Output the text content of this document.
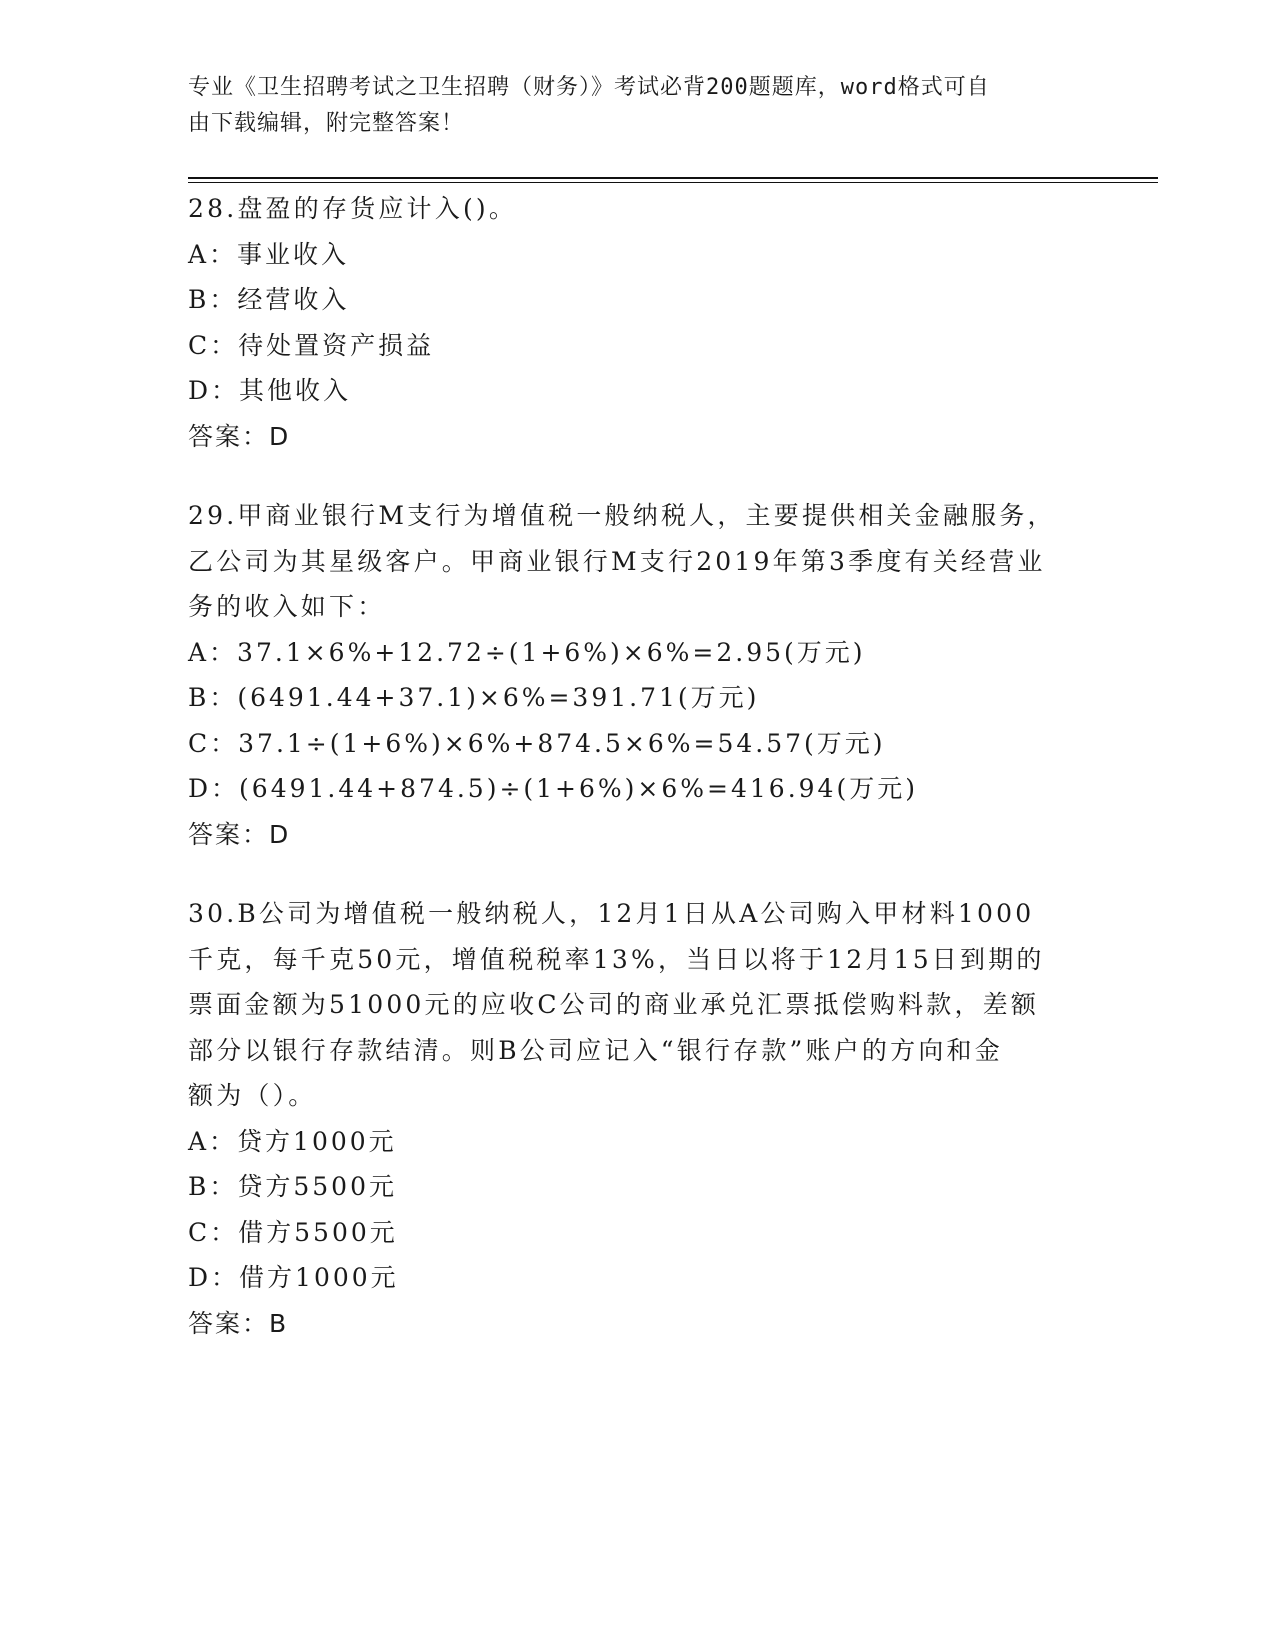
专业《卫生招聘考试之卫生招聘（财务）》考试必背200题题库，word格式可自
由下载编辑，附完整答案！
28.盘盈的存货应计入()。
A：事业收入
B：经营收入
C：待处置资产损益
D：其他收入
答案：D
29.甲商业银行M支行为增值税一般纳税人，主要提供相关金融服务，
乙公司为其星级客户。甲商业银行M支行2019年第3季度有关经营业
务的收入如下：
A：37.1×6%+12.72÷(1+6%)×6%=2.95(万元)
B：(6491.44+37.1)×6%=391.71(万元)
C：37.1÷(1+6%)×6%+874.5×6%=54.57(万元)
D：(6491.44+874.5)÷(1+6%)×6%=416.94(万元)
答案：D
30.B公司为增值税一般纳税人，12月1日从A公司购入甲材料1000
千克，每千克50元，增值税税率13%，当日以将于12月15日到期的
票面金额为51000元的应收C公司的商业承兑汇票抵偿购料款，差额
部分以银行存款结清。则B公司应记入“银行存款”账户的方向和金
额为（）。
A：贷方1000元
B：贷方5500元
C：借方5500元
D：借方1000元
答案：B
